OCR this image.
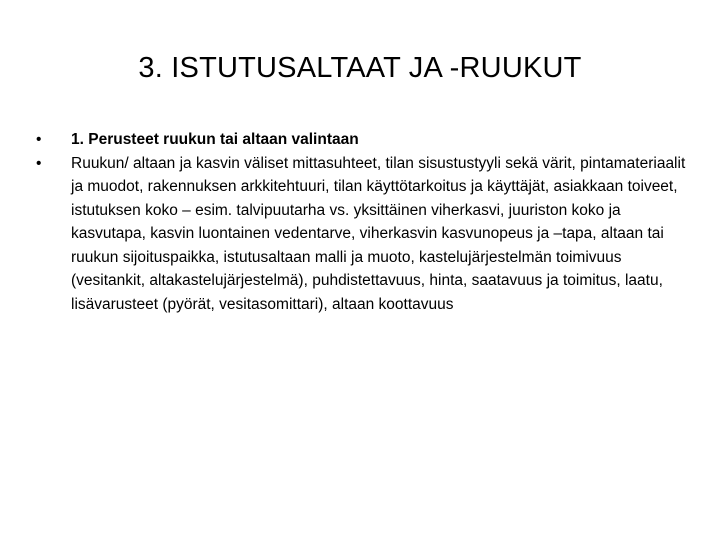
3. ISTUTUSALTAAT JA -RUUKUT
• 1. Perusteet ruukun tai altaan valintaan
• Ruukun/ altaan ja kasvin väliset mittasuhteet, tilan sisustustyyli sekä värit, pintamateriaalit ja muodot, rakennuksen arkkitehtuuri, tilan käyttötarkoitus ja käyttäjät, asiakkaan toiveet, istutuksen koko – esim. talvipuutarha vs. yksittäinen viherkasvi, juuriston koko ja kasvutapa, kasvin luontainen vedentarve, viherkasvin kasvunopeus ja –tapa, altaan tai ruukun sijoituspaikka, istutusaltaan malli ja muoto, kastelujärjestelmän toimivuus (vesitankit, altakastelujärjestelmä), puhdistettavuus, hinta, saatavuus ja toimitus, laatu, lisävarusteet (pyörät, vesitasomittari), altaan koottavuus
